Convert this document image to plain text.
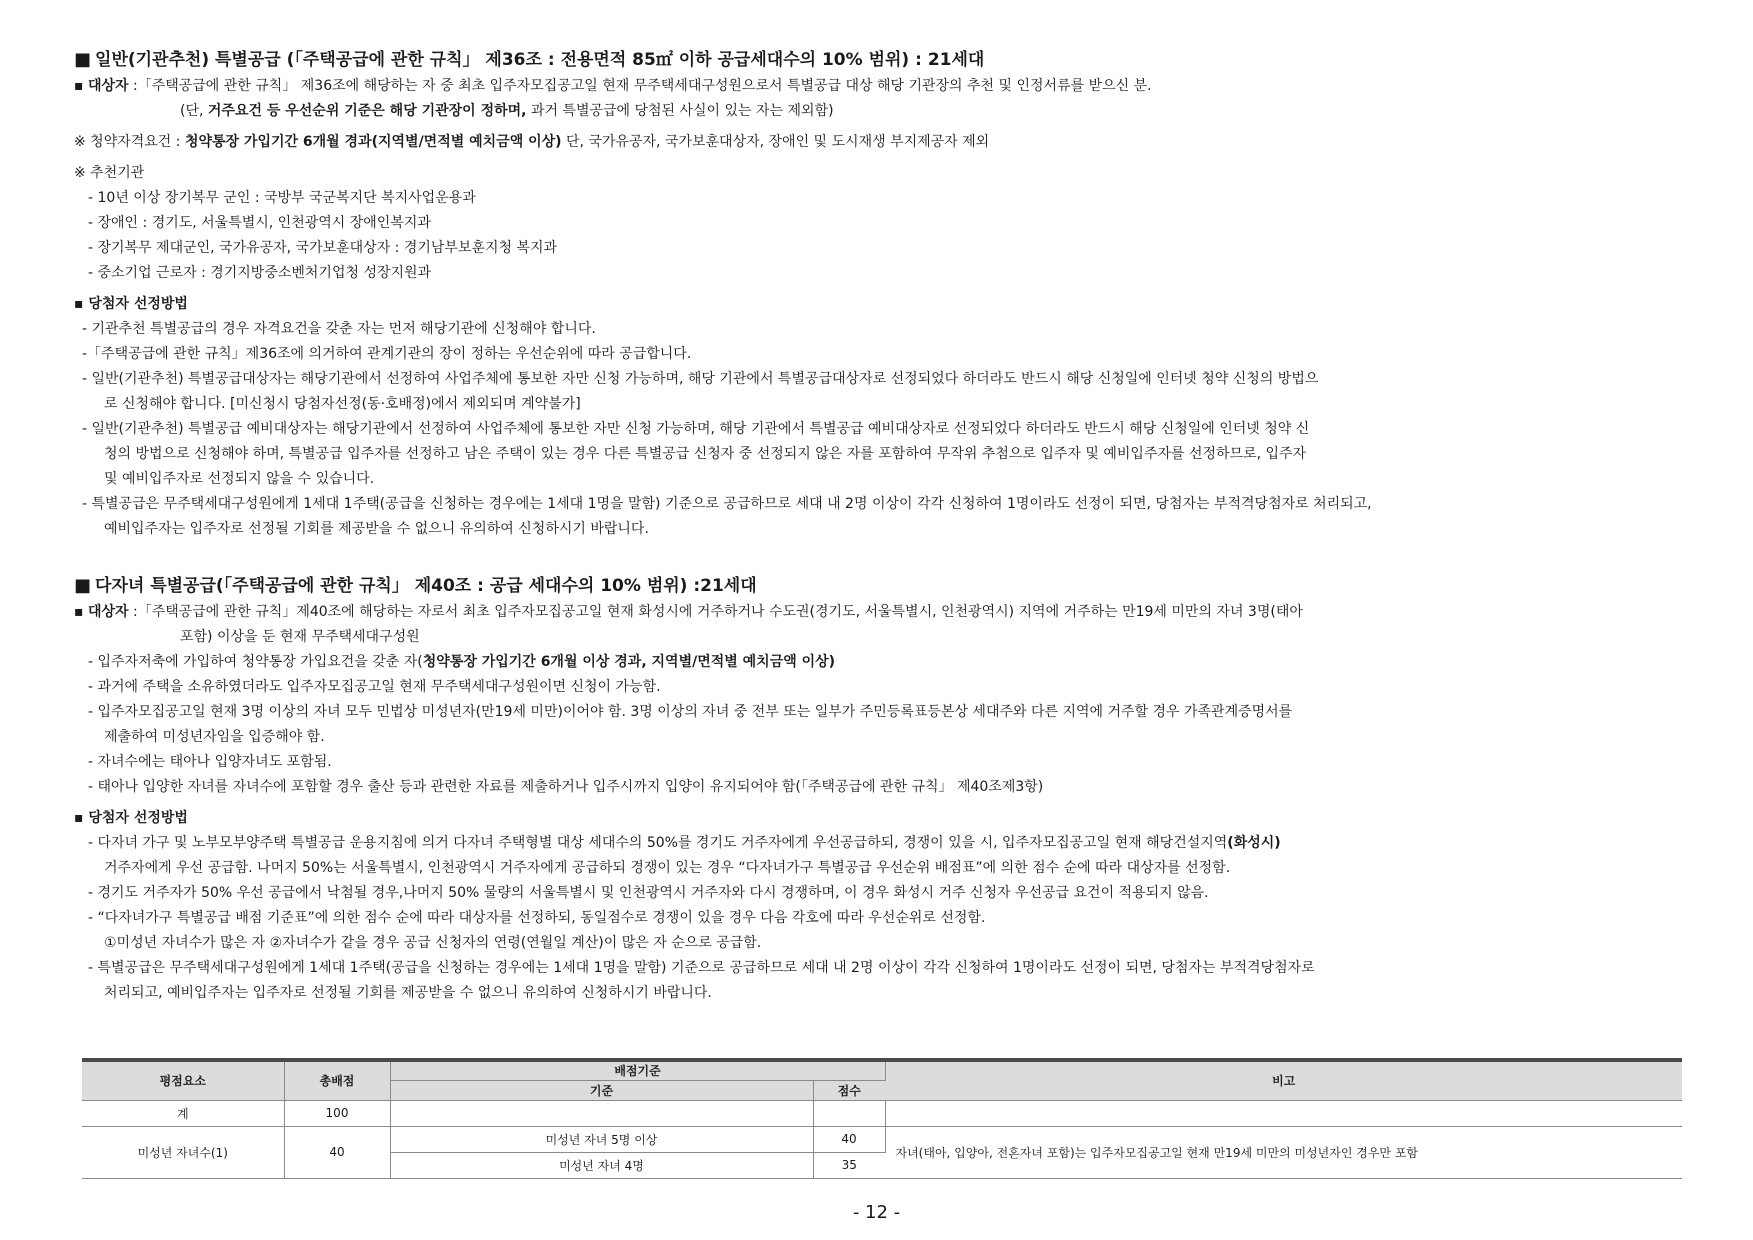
■ 일반(기관추천) 특별공급 (「주택공급에 관한 규칙」 제36조 : 전용면적 85㎡ 이하 공급세대수의 10% 범위) : 21세대
▪ 대상자 :「주택공급에 관한 규칙」 제36조에 해당하는 자 중 최초 입주자모집공고일 현재 무주택세대구성원으로서 특별공급 대상 해당 기관장의 추천 및 인정서류를 받으신 분.
(단, 거주요건 등 우선순위 기준은 해당 기관장이 정하며, 과거 특별공급에 당첨된 사실이 있는 자는 제외함)
※ 청약자격요건 : 청약통장 가입기간 6개월 경과(지역별/면적별 예치금액 이상) 단, 국가유공자, 국가보훈대상자, 장애인 및 도시재생 부지제공자 제외
※ 추천기관
- 10년 이상 장기복무 군인 : 국방부 국군복지단 복지사업운용과
- 장애인 : 경기도, 서울특별시, 인천광역시 장애인복지과
- 장기복무 제대군인, 국가유공자, 국가보훈대상자 : 경기남부보훈지청 복지과
- 중소기업 근로자 : 경기지방중소벤처기업청 성장지원과
▪ 당첨자 선정방법
- 기관추천 특별공급의 경우 자격요건을 갖춘 자는 먼저 해당기관에 신청해야 합니다.
-「주택공급에 관한 규칙」제36조에 의거하여 관계기관의 장이 정하는 우선순위에 따라 공급합니다.
- 일반(기관추천) 특별공급대상자는 해당기관에서 선정하여 사업주체에 통보한 자만 신청 가능하며, 해당 기관에서 특별공급대상자로 선정되었다 하더라도 반드시 해당 신청일에 인터넷 청약 신청의 방법으
로 신청해야 합니다. [미신청시 당첨자선정(동·호배정)에서 제외되며 계약불가]
- 일반(기관추천) 특별공급 예비대상자는 해당기관에서 선정하여 사업주체에 통보한 자만 신청 가능하며, 해당 기관에서 특별공급 예비대상자로 선정되었다 하더라도 반드시 해당 신청일에 인터넷 청약 신
청의 방법으로 신청해야 하며, 특별공급 입주자를 선정하고 남은 주택이 있는 경우 다른 특별공급 신청자 중 선정되지 않은 자를 포함하여 무작위 추첨으로 입주자 및 예비입주자를 선정하므로, 입주자
및 예비입주자로 선정되지 않을 수 있습니다.
- 특별공급은 무주택세대구성원에게 1세대 1주택(공급을 신청하는 경우에는 1세대 1명을 말함) 기준으로 공급하므로 세대 내 2명 이상이 각각 신청하여 1명이라도 선정이 되면, 당첨자는 부적격당첨자로 처리되고,
예비입주자는 입주자로 선정될 기회를 제공받을 수 없으니 유의하여 신청하시기 바랍니다.
■ 다자녀 특별공급(「주택공급에 관한 규칙」 제40조 : 공급 세대수의 10% 범위) :21세대
▪ 대상자 :「주택공급에 관한 규칙」제40조에 해당하는 자로서 최초 입주자모집공고일 현재 화성시에 거주하거나 수도권(경기도, 서울특별시, 인천광역시) 지역에 거주하는 만19세 미만의 자녀 3명(태아
포함) 이상을 둔 현재 무주택세대구성원
- 입주자저축에 가입하여 청약통장 가입요건을 갖춘 자(청약통장 가입기간 6개월 이상 경과, 지역별/면적별 예치금액 이상)
- 과거에 주택을 소유하였더라도 입주자모집공고일 현재 무주택세대구성원이면 신청이 가능함.
- 입주자모집공고일 현재 3명 이상의 자녀 모두 민법상 미성년자(만19세 미만)이어야 함. 3명 이상의 자녀 중 전부 또는 일부가 주민등록표등본상 세대주와 다른 지역에 거주할 경우 가족관계증명서를
제출하여 미성년자임을 입증해야 함.
- 자녀수에는 태아나 입양자녀도 포함됨.
- 태아나 입양한 자녀를 자녀수에 포함할 경우 출산 등과 관련한 자료를 제출하거나 입주시까지 입양이 유지되어야 함(「주택공급에 관한 규칙」 제40조제3항)
▪ 당첨자 선정방법
- 다자녀 가구 및 노부모부양주택 특별공급 운용지침에 의거 다자녀 주택형별 대상 세대수의 50%를 경기도 거주자에게 우선공급하되, 경쟁이 있을 시, 입주자모집공고일 현재 해당건설지역(화성시)
거주자에게 우선 공급함. 나머지 50%는 서울특별시, 인천광역시 거주자에게 공급하되 경쟁이 있는 경우 “다자녀가구 특별공급 우선순위 배점표”에 의한 점수 순에 따라 대상자를 선정함.
- 경기도 거주자가 50% 우선 공급에서 낙첨될 경우,나머지 50% 물량의 서울특별시 및 인천광역시 거주자와 다시 경쟁하며, 이 경우 화성시 거주 신청자 우선공급 요건이 적용되지 않음.
- “다자녀가구 특별공급 배점 기준표”에 의한 점수 순에 따라 대상자를 선정하되, 동일점수로 경쟁이 있을 경우 다음 각호에 따라 우선순위로 선정함.
①미성년 자녀수가 많은 자 ②자녀수가 같을 경우 공급 신청자의 연령(연월일 계산)이 많은 자 순으로 공급함.
- 특별공급은 무주택세대구성원에게 1세대 1주택(공급을 신청하는 경우에는 1세대 1명을 말함) 기준으로 공급하므로 세대 내 2명 이상이 각각 신청하여 1명이라도 선정이 되면, 당첨자는 부적격당첨자로
처리되고, 예비입주자는 입주자로 선정될 기회를 제공받을 수 없으니 유의하여 신청하시기 바랍니다.
평점요소	총배점	배점기준		비고
		기준	점수	
계	100			
미성년 자녀수(1)	40	미성년 자녀 5명 이상	40	자녀(태아, 입양아, 전혼자녀 포함)는 입주자모집공고일 현재 만19세 미만의 미성년자인 경우만 포함
		미성년 자녀 4명	35	
- 12 -
